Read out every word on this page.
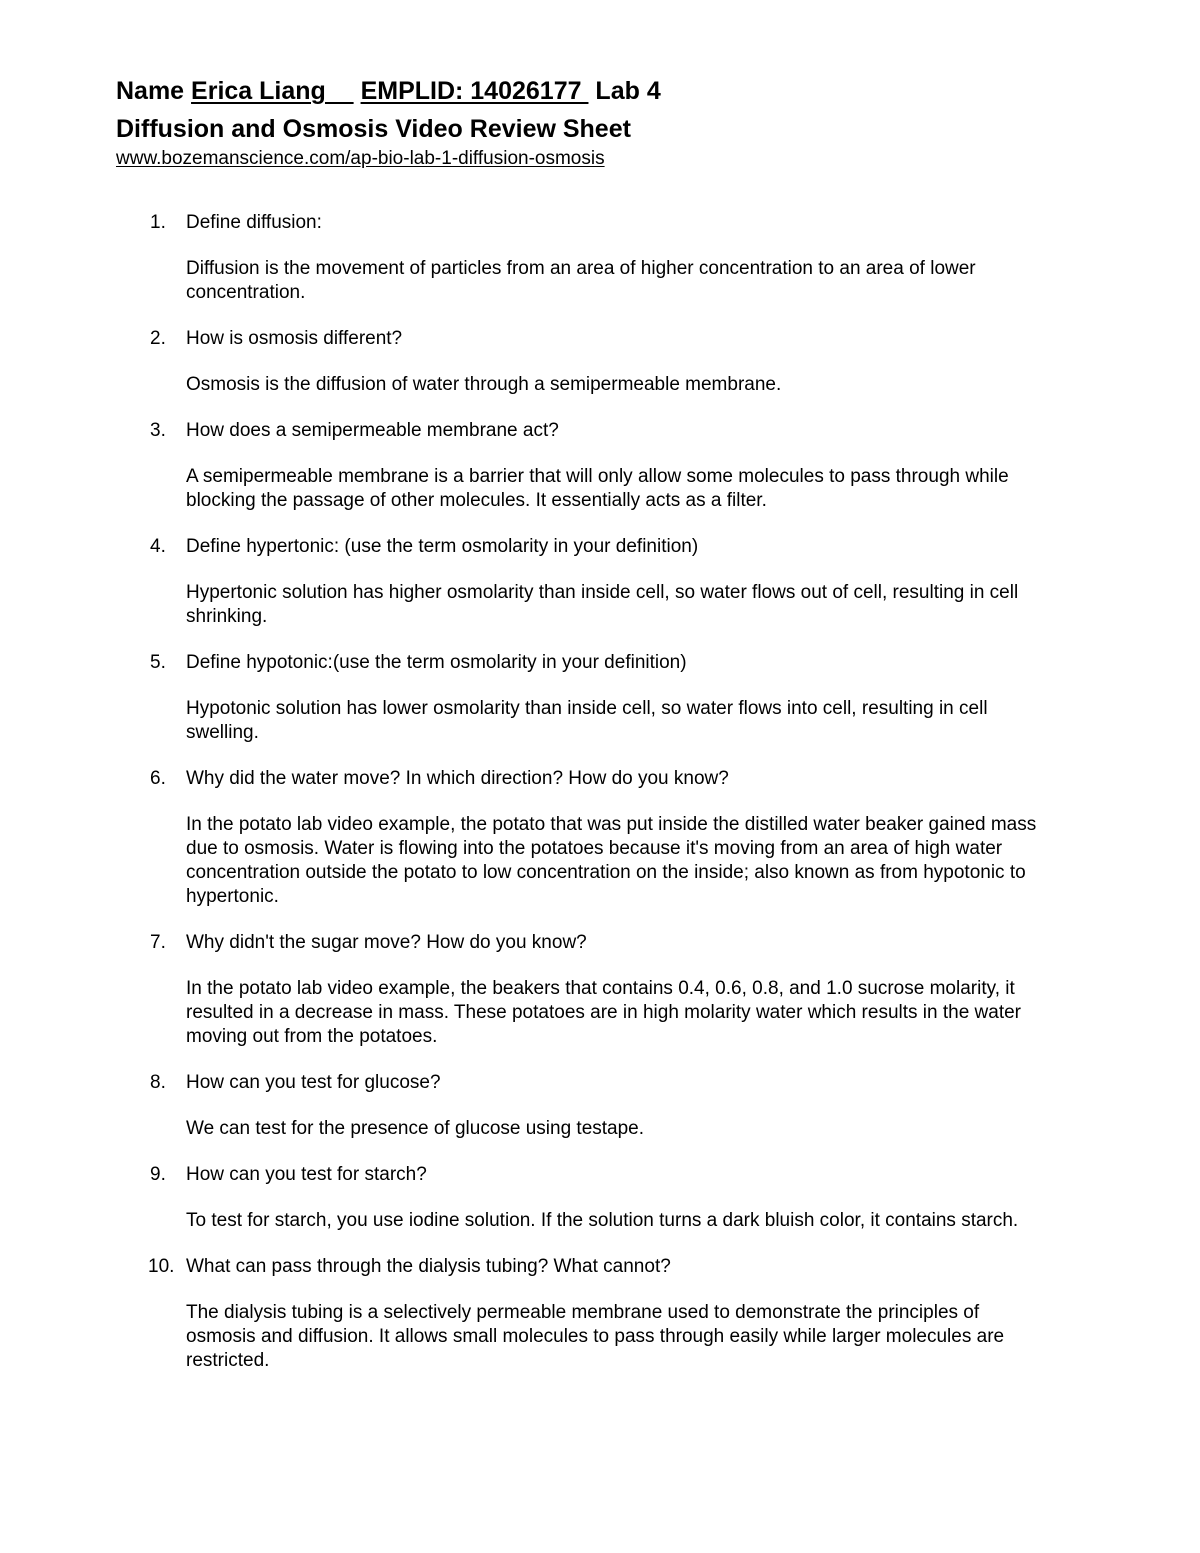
Name Erica Liang     EMPLID: 14026177  Lab 4
Diffusion and Osmosis Video Review Sheet
www.bozemanscience.com/ap-bio-lab-1-diffusion-osmosis
1. Define diffusion:
Diffusion is the movement of particles from an area of higher concentration to an area of lower concentration.
2. How is osmosis different?
Osmosis is the diffusion of water through a semipermeable membrane.
3. How does a semipermeable membrane act?
A semipermeable membrane is a barrier that will only allow some molecules to pass through while blocking the passage of other molecules. It essentially acts as a filter.
4. Define hypertonic: (use the term osmolarity in your definition)
Hypertonic solution has higher osmolarity than inside cell, so water flows out of cell, resulting in cell shrinking.
5. Define hypotonic:(use the term osmolarity in your definition)
Hypotonic solution has lower osmolarity than inside cell, so water flows into cell, resulting in cell swelling.
6. Why did the water move? In which direction? How do you know?
In the potato lab video example, the potato that was put inside the distilled water beaker gained mass due to osmosis. Water is flowing into the potatoes because it's moving from an area of high water concentration outside the potato to low concentration on the inside; also known as from hypotonic to hypertonic.
7. Why didn't the sugar move? How do you know?
In the potato lab video example, the beakers that contains 0.4, 0.6, 0.8, and 1.0 sucrose molarity, it resulted in a decrease in mass. These potatoes are in high molarity water which results in the water moving out from the potatoes.
8. How can you test for glucose?
We can test for the presence of glucose using testape.
9. How can you test for starch?
To test for starch, you use iodine solution. If the solution turns a dark bluish color, it contains starch.
10. What can pass through the dialysis tubing? What cannot?
The dialysis tubing is a selectively permeable membrane used to demonstrate the principles of osmosis and diffusion. It allows small molecules to pass through easily while larger molecules are restricted.
